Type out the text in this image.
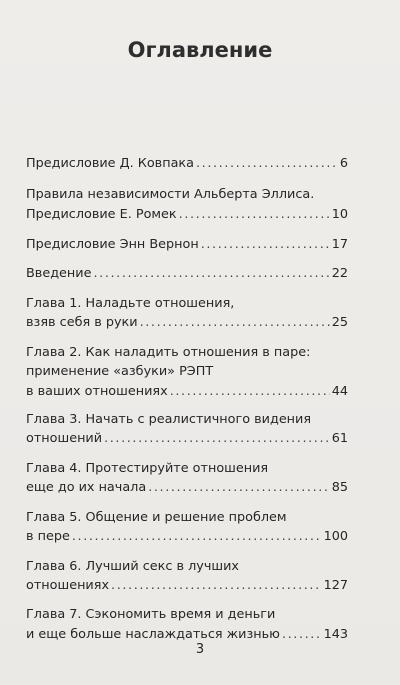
Оглавление
Предисловие Д. Ковпака .....	6
Правила независимости Альберта Эллиса.
Предисловие Е. Ромек .....	10
Предисловие Энн Вернон .....	17
Введение .....	22
Глава 1. Наладьте отношения,
взяв себя в руки .....	25
Глава 2. Как наладить отношения в паре:
применение «азбуки» РЭПТ
в ваших отношениях .....	44
Глава 3. Начать с реалистичного видения
отношений .....	61
Глава 4. Протестируйте отношения
еще до их начала .....	85
Глава 5. Общение и решение проблем
в пере .....	100
Глава 6. Лучший секс в лучших
отношениях .....	127
Глава 7. Сэкономить время и деньги
и еще больше наслаждаться жизнью .....	143
3
